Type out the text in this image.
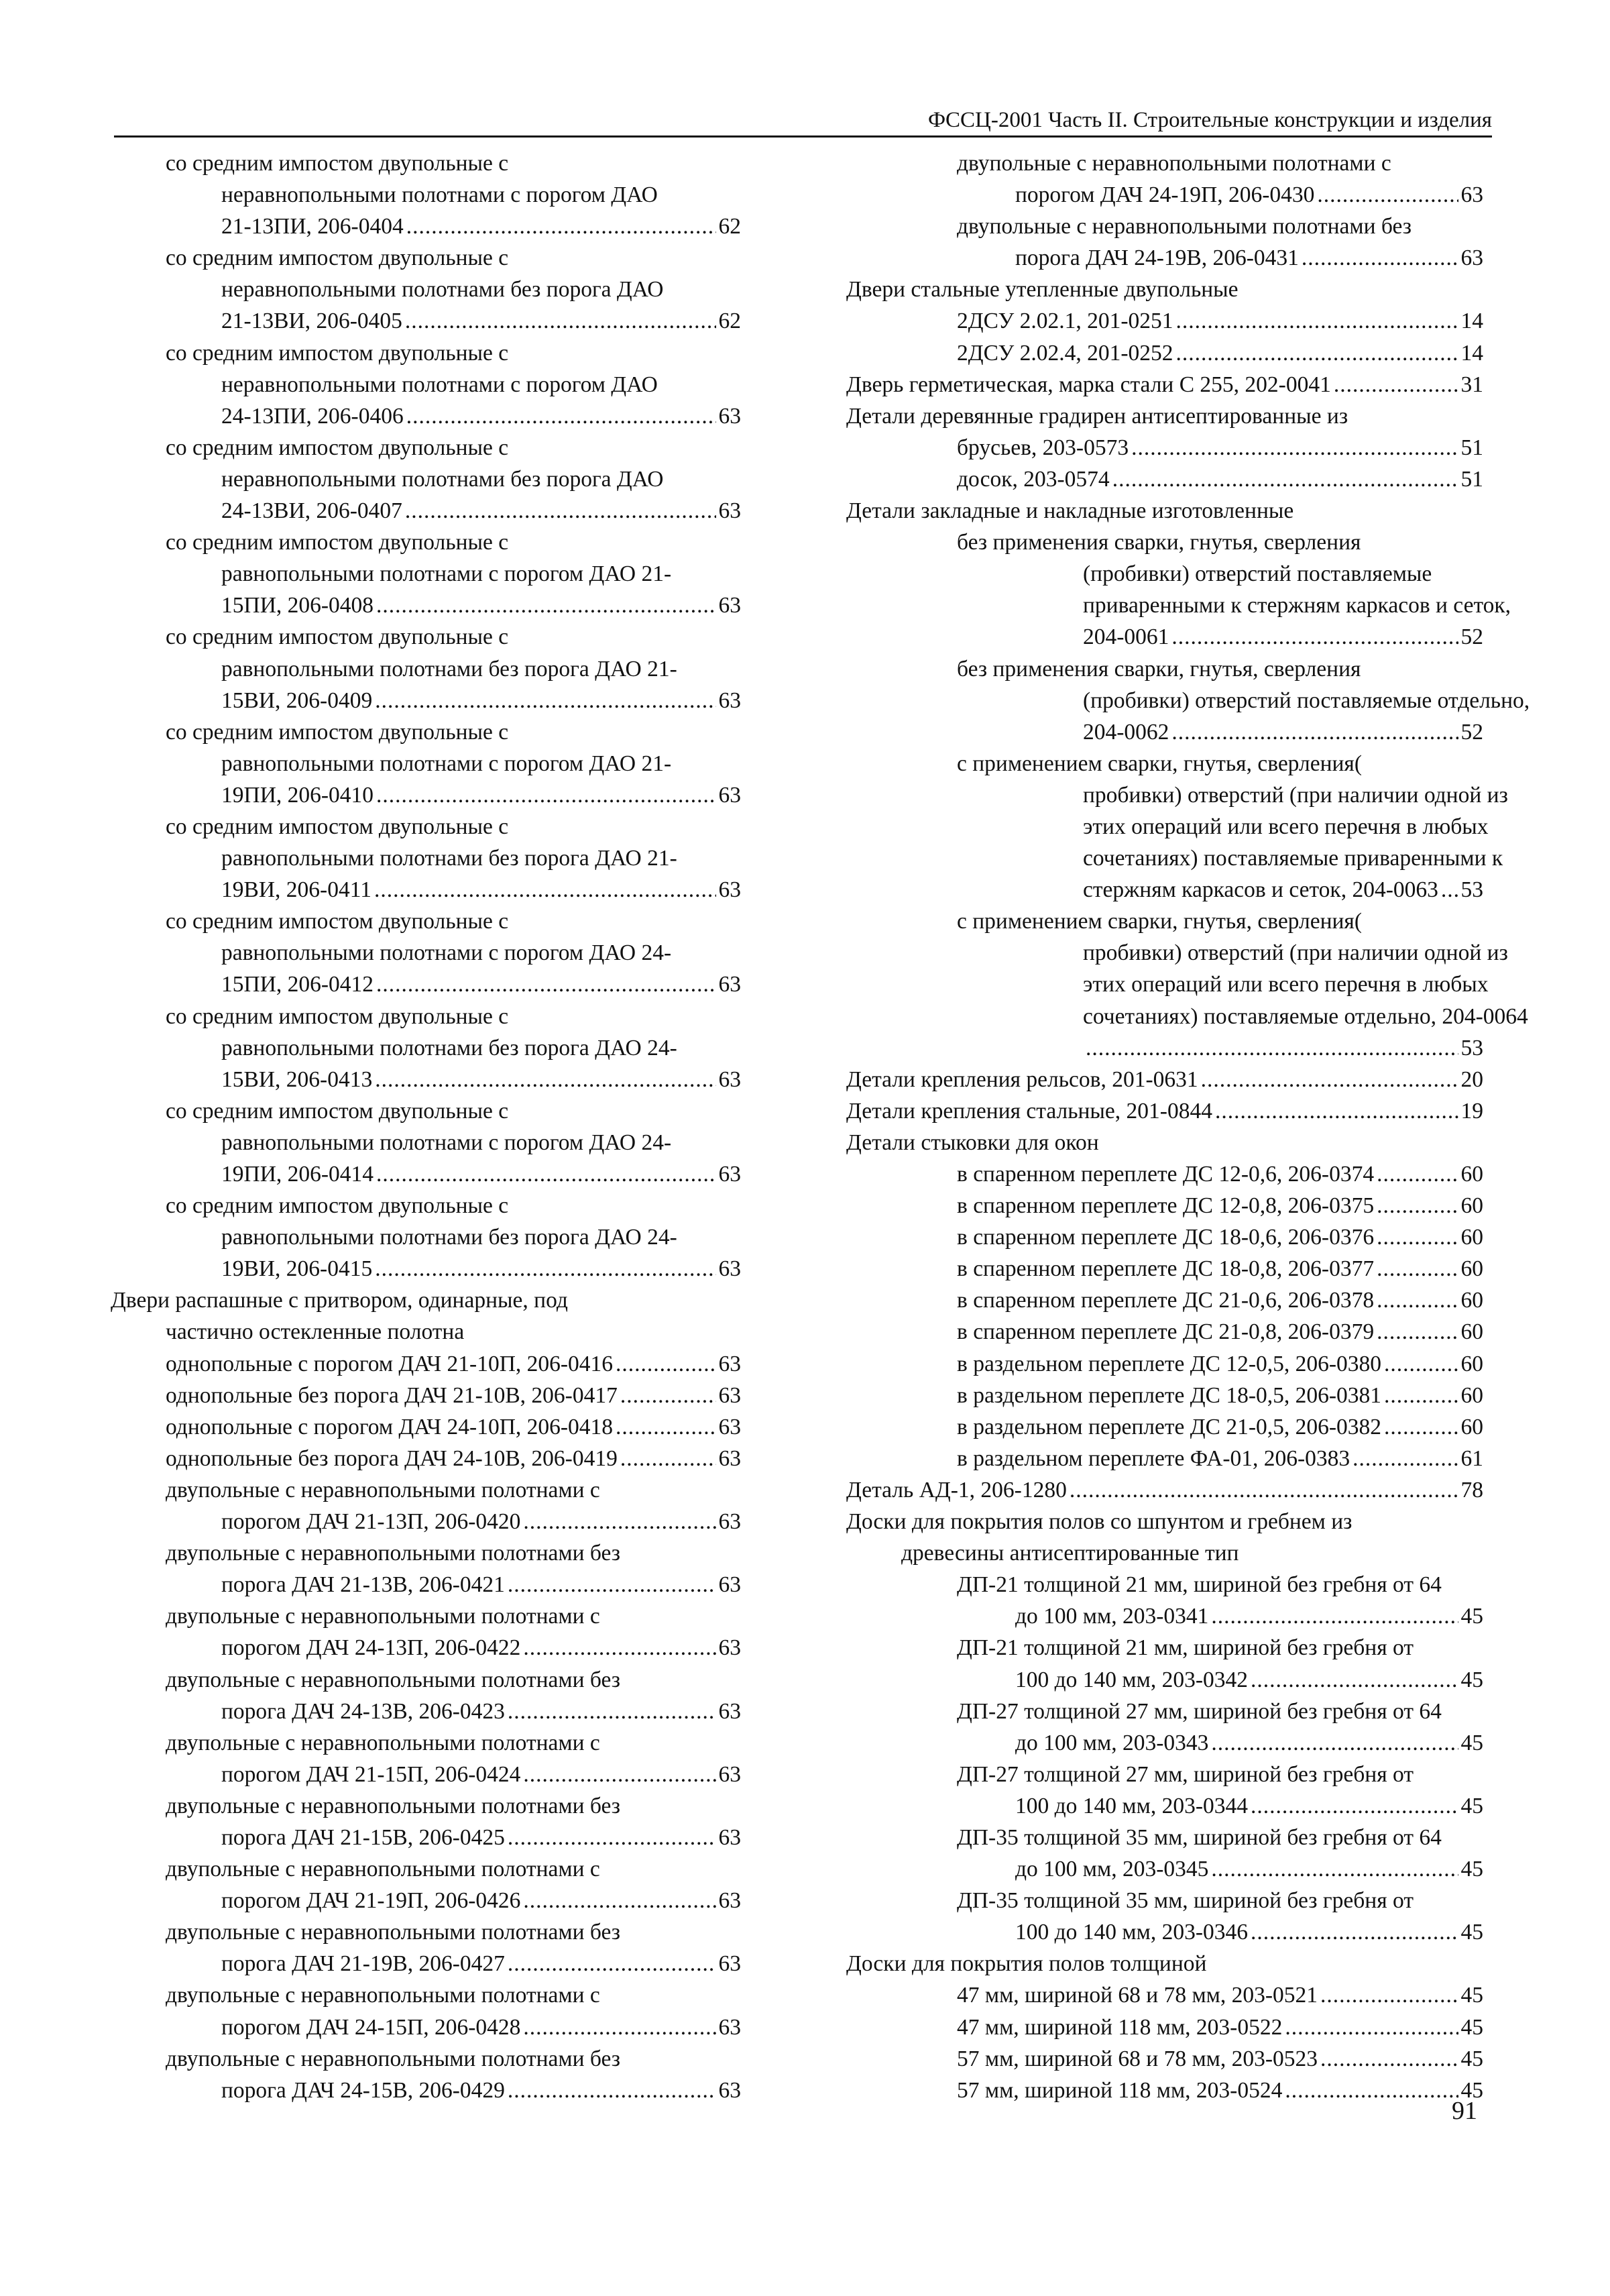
ФССЦ-2001 Часть II. Строительные конструкции и изделия
со средним импостом двупольные с
неравнопольными полотнами с порогом ДАО
21-13ПИ, 206-0404 .....	62
со средним импостом двупольные с
неравнопольными полотнами без порога ДАО
21-13ВИ, 206-0405 .....	62
со средним импостом двупольные с
неравнопольными полотнами с порогом ДАО
24-13ПИ, 206-0406 .....	63
со средним импостом двупольные с
неравнопольными полотнами без порога ДАО
24-13ВИ, 206-0407 .....	63
со средним импостом двупольные с
равнопольными полотнами с порогом ДАО 21-
15ПИ, 206-0408 .....	63
со средним импостом двупольные с
равнопольными полотнами без порога ДАО 21-
15ВИ, 206-0409 .....	63
со средним импостом двупольные с
равнопольными полотнами с порогом ДАО 21-
19ПИ, 206-0410 .....	63
со средним импостом двупольные с
равнопольными полотнами без порога ДАО 21-
19ВИ, 206-0411 .....	63
со средним импостом двупольные с
равнопольными полотнами с порогом ДАО 24-
15ПИ, 206-0412 .....	63
со средним импостом двупольные с
равнопольными полотнами без порога ДАО 24-
15ВИ, 206-0413 .....	63
со средним импостом двупольные с
равнопольными полотнами с порогом ДАО 24-
19ПИ, 206-0414 .....	63
со средним импостом двупольные с
равнопольными полотнами без порога ДАО 24-
19ВИ, 206-0415 .....	63
Двери распашные с притвором, одинарные, под
частично остекленные полотна
однопольные с порогом ДАЧ 21-10П, 206-0416 .....	63
однопольные без порога ДАЧ 21-10В, 206-0417 .....	63
однопольные с порогом ДАЧ 24-10П, 206-0418 .....	63
однопольные без порога ДАЧ 24-10В, 206-0419 .....	63
двупольные с неравнопольными полотнами с
порогом ДАЧ 21-13П, 206-0420 .....	63
двупольные с неравнопольными полотнами без
порога ДАЧ 21-13В, 206-0421 .....	63
двупольные с неравнопольными полотнами с
порогом ДАЧ 24-13П, 206-0422 .....	63
двупольные с неравнопольными полотнами без
порога ДАЧ 24-13В, 206-0423 .....	63
двупольные с неравнопольными полотнами с
порогом ДАЧ 21-15П, 206-0424 .....	63
двупольные с неравнопольными полотнами без
порога ДАЧ 21-15В, 206-0425 .....	63
двупольные с неравнопольными полотнами с
порогом ДАЧ 21-19П, 206-0426 .....	63
двупольные с неравнопольными полотнами без
порога ДАЧ 21-19В, 206-0427 .....	63
двупольные с неравнопольными полотнами с
порогом ДАЧ 24-15П, 206-0428 .....	63
двупольные с неравнопольными полотнами без
порога ДАЧ 24-15В, 206-0429 .....	63
двупольные с неравнопольными полотнами с
порогом ДАЧ 24-19П, 206-0430 .....	63
двупольные с неравнопольными полотнами без
порога ДАЧ 24-19В, 206-0431 .....	63
Двери стальные утепленные двупольные
2ДСУ 2.02.1, 201-0251 .....	14
2ДСУ 2.02.4, 201-0252 .....	14
Дверь герметическая, марка стали С 255, 202-0041 .....	31
Детали деревянные градирен антисептированные из
брусьев, 203-0573 .....	51
досок, 203-0574 .....	51
Детали закладные и накладные изготовленные
без применения сварки, гнутья, сверления
(пробивки) отверстий поставляемые
приваренными к стержням каркасов и сеток,
204-0061 .....	52
без применения сварки, гнутья, сверления
(пробивки) отверстий поставляемые отдельно,
204-0062 .....	52
с применением сварки, гнутья, сверления(
пробивки) отверстий (при наличии одной из
этих операций или всего перечня в любых
сочетаниях) поставляемые приваренными к
стержням каркасов и сеток, 204-0063 ..... 53
с применением сварки, гнутья, сверления(
пробивки) отверстий (при наличии одной из
этих операций или всего перечня в любых
сочетаниях) поставляемые отдельно, 204-0064
.....
53
Детали крепления рельсов, 201-0631 .....	20
Детали крепления стальные, 201-0844 .....	19
Детали стыковки для окон
в спаренном переплете ДС 12-0,6, 206-0374 .....	60
в спаренном переплете ДС 12-0,8, 206-0375 .....	60
в спаренном переплете ДС 18-0,6, 206-0376 .....	60
в спаренном переплете ДС 18-0,8, 206-0377 .....	60
в спаренном переплете ДС 21-0,6, 206-0378 .....	60
в спаренном переплете ДС 21-0,8, 206-0379 .....	60
в раздельном переплете ДС 12-0,5, 206-0380 .....	60
в раздельном переплете ДС 18-0,5, 206-0381 .....	60
в раздельном переплете ДС 21-0,5, 206-0382 .....	60
в раздельном переплете ФА-01, 206-0383 .....	61
Деталь АД-1, 206-1280 .....	78
Доски для покрытия полов со шпунтом и гребнем из
древесины антисептированные тип
ДП-21 толщиной 21 мм, шириной без гребня от 64
до 100 мм, 203-0341 .....	45
ДП-21 толщиной 21 мм, шириной без гребня от
100 до 140 мм, 203-0342 .....	45
ДП-27 толщиной 27 мм, шириной без гребня от 64
до 100 мм, 203-0343 .....	45
ДП-27 толщиной 27 мм, шириной без гребня от
100 до 140 мм, 203-0344 .....	45
ДП-35 толщиной 35 мм, шириной без гребня от 64
до 100 мм, 203-0345 .....	45
ДП-35 толщиной 35 мм, шириной без гребня от
100 до 140 мм, 203-0346 .....	45
Доски для покрытия полов толщиной
47 мм, шириной 68 и 78 мм, 203-0521 .....	45
47 мм, шириной 118 мм, 203-0522 .....	45
57 мм, шириной 68 и 78 мм, 203-0523 .....	45
57 мм, шириной 118 мм, 203-0524 .....	45
91
